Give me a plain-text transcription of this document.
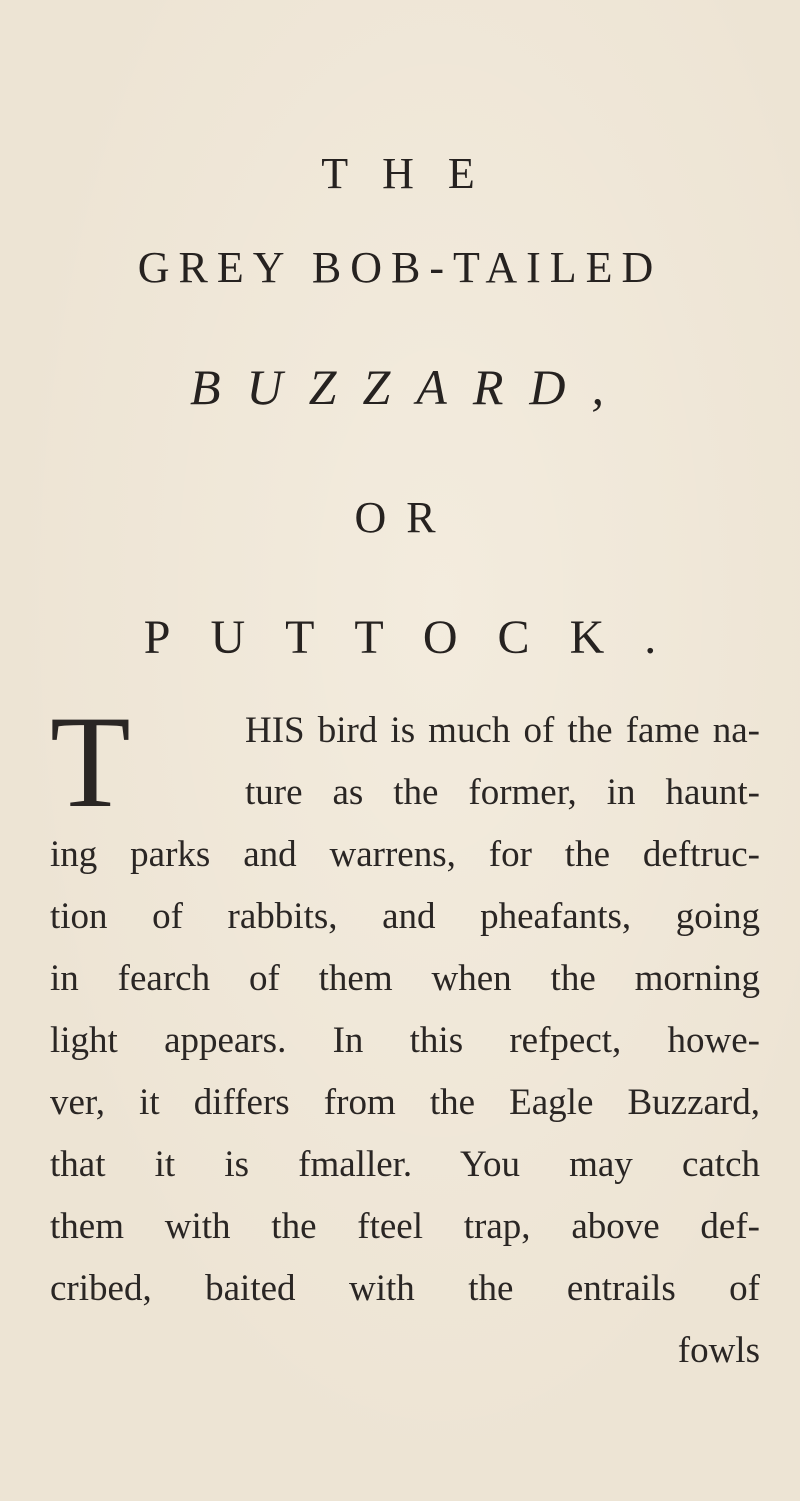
THE
GREY BOB-TAILED
BUZZARD,
OR
PUTTOCK.
T	HIS bird is much of the fame na-
ture as the former, in haunt-
ing parks and warrens, for the deftruc-
tion of rabbits, and pheafants, going
in fearch of them when the morning
light appears. In this refpect, howe-
ver, it differs from the Eagle Buzzard,
that it is fmaller. You may catch
them with the fteel trap, above def-
cribed, baited with the entrails of
fowls
